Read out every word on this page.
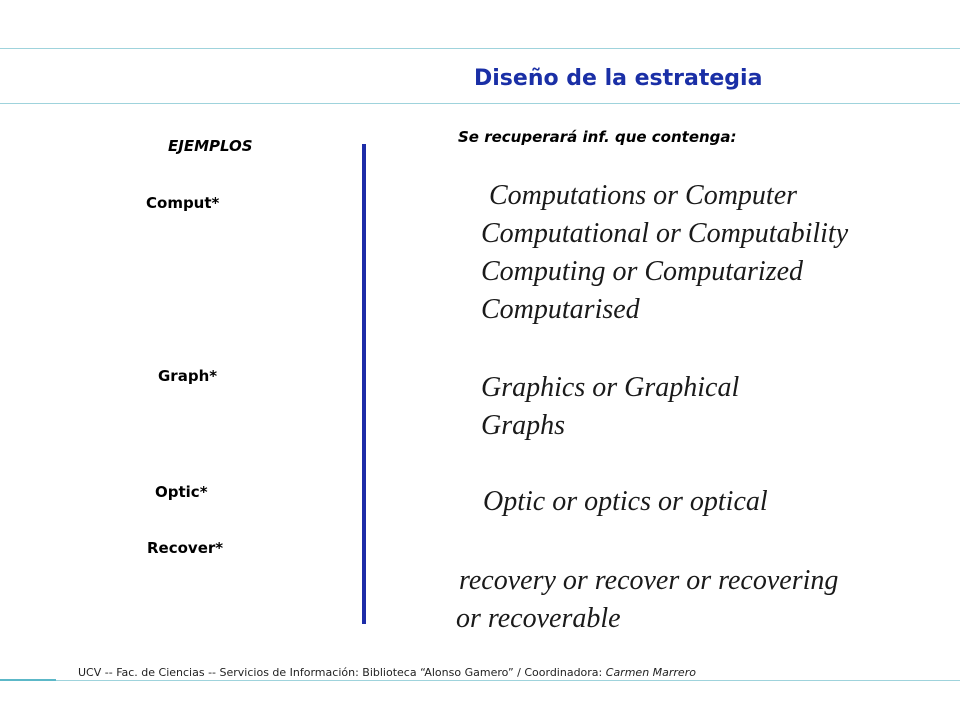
Diseño de la estrategia
EJEMPLOS	Se recuperará inf. que contenga:
Comput*
Graph*
Optic*
Recover*
Computations or Computer
Computational or Computability
Computing or Computarized
Computarised
Graphics or Graphical
Graphs
Optic or optics or optical
recovery or recover or recovering
or recoverable
UCV -- Fac. de Ciencias -- Servicios de Información: Biblioteca “Alonso Gamero” / Coordinadora: Carmen Marrero
